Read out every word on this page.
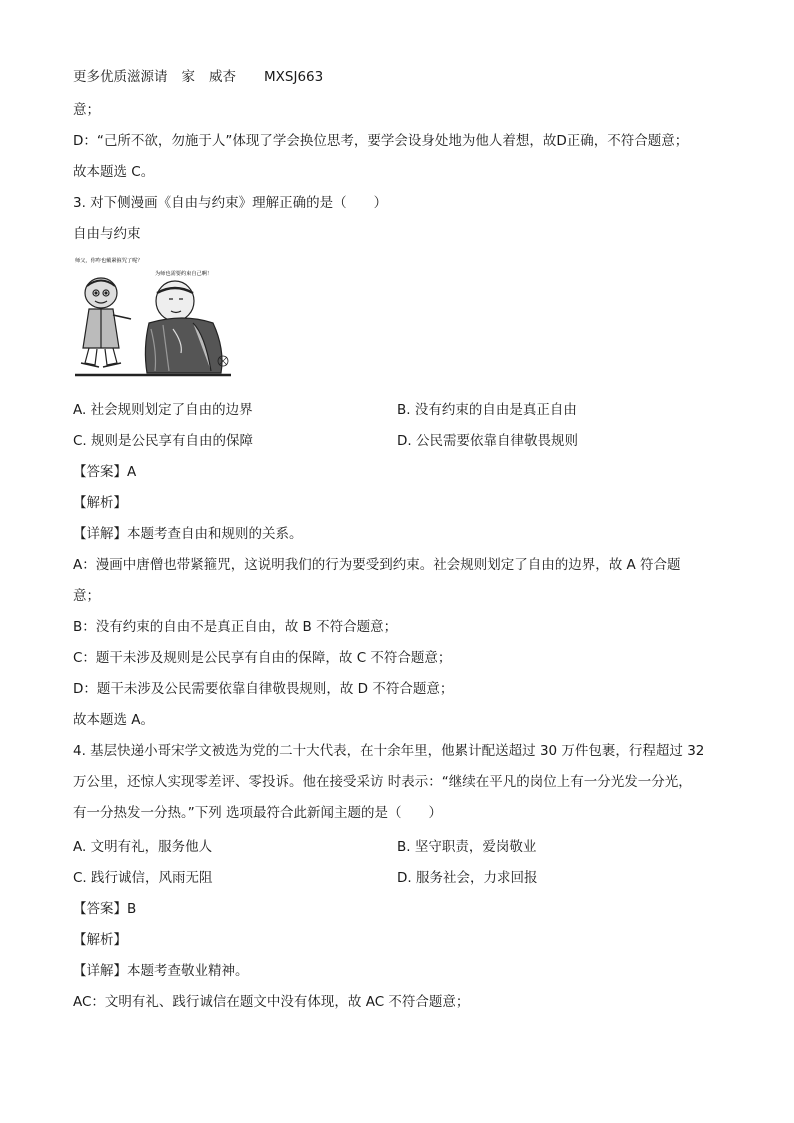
更多优质滋源请 家 威杏 MXSJ663
意；
D：“己所不欲，勿施于人”体现了学会换位思考，要学会设身处地为他人着想，故D正确，不符合题意；
故本题选 C。
3. 对下侧漫画《自由与约束》理解正确的是（　　）
自由与约束
师父，你咋也戴紧箍咒了呢？
为师也需要约束自己啊！
A. 社会规则划定了自由的边界	B. 没有约束的自由是真正自由
C. 规则是公民享有自由的保障	D. 公民需要依靠自律敬畏规则
【答案】A
【解析】
【详解】本题考查自由和规则的关系。
A：漫画中唐僧也带紧箍咒，这说明我们的行为要受到约束。社会规则划定了自由的边界，故 A 符合题
意；
B：没有约束的自由不是真正自由，故 B 不符合题意；
C：题干未涉及规则是公民享有自由的保障，故 C 不符合题意；
D：题干未涉及公民需要依靠自律敬畏规则，故 D 不符合题意；
故本题选 A。
4. 基层快递小哥宋学文被选为党的二十大代表，在十余年里，他累计配送超过 30 万件包裹，行程超过 32
万公里，还惊人实现零差评、零投诉。他在接受采访 时表示：“继续在平凡的岗位上有一分光发一分光，
有一分热发一分热。”下列 选项最符合此新闻主题的是（　　）
A. 文明有礼，服务他人	B. 坚守职责，爱岗敬业
C. 践行诚信，风雨无阻	D. 服务社会，力求回报
【答案】B
【解析】
【详解】本题考查敬业精神。
AC：文明有礼、践行诚信在题文中没有体现，故 AC 不符合题意；
